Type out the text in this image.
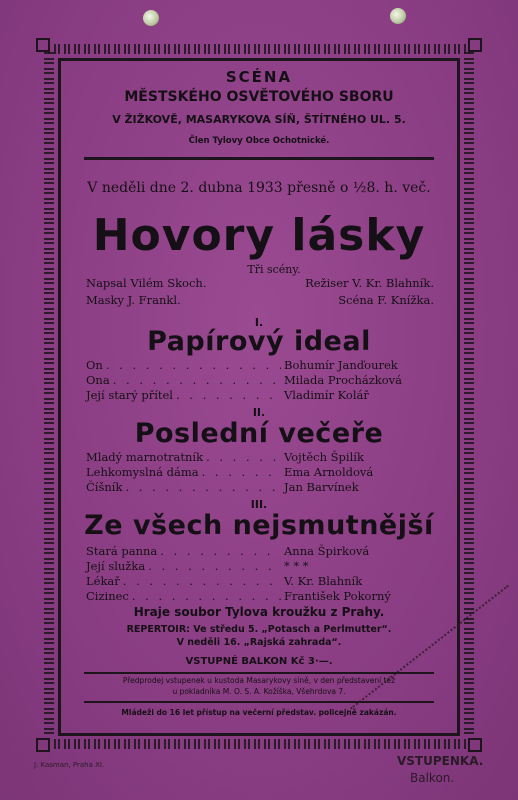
SCÉNA
MĚSTSKÉHO OSVĚTOVÉHO SBORU
V ŽIŽKOVĚ, MASARYKOVA SÍŇ, ŠTÍTNÉHO UL. 5.
Člen Tylovy Obce Ochotnické.
V neděli dne 2. dubna 1933 přesně o ½8. h. več.
Hovory lásky
Tři scény.
Napsal Vilém Skoch.	Režiser V. Kr. Blahník.
Masky J. Frankl.	Scéna F. Knížka.
I.
Papírový ideal
On . . .	Bohumír Janďourek
Ona . . .	Milada Procházková
Její starý přítel . . .	Vladimír Kolář
II.
Poslední večeře
Mladý marnotratník . . .	Vojtěch Špilík
Lehkomyslná dáma . . .	Ema Arnoldová
Číšník . . .	Jan Barvínek
III.
Ze všech nejsmutnější
Stará panna . . .	Anna Špirková
Její služka . . .	* * *
Lékař . . .	V. Kr. Blahník
Cizinec . . .	František Pokorný
Hraje soubor Tylova kroužku z Prahy.
REPERTOIR: Ve středu 5. „Potasch a Perlmutter“.
V neděli 16. „Rajská zahrada“.
VSTUPNÉ BALKON Kč 3·—.
Předprodej vstupenek u kustoda Masarykovy síně, v den představení též
u pokladníka M. O. S. A. Kožíška, Všehrdova 7.
Mládeži do 16 let přístup na večerní představ. policejně zakázán.
J. Kasman, Praha XI.	VSTUPENKA.
Balkon.
